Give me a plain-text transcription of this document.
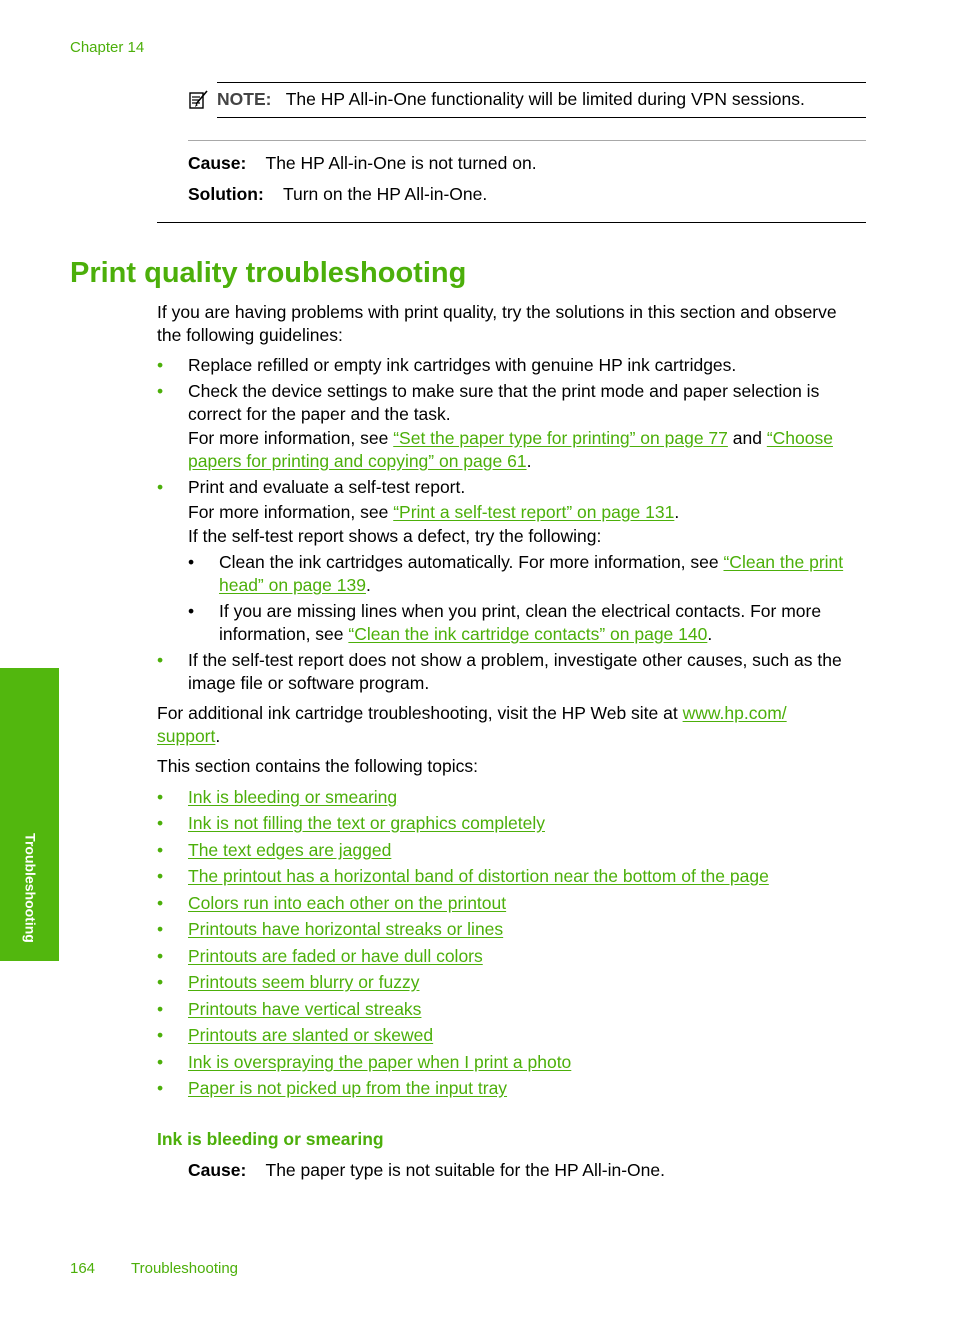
Chapter 14
NOTE: The HP All-in-One functionality will be limited during VPN sessions.
Cause: The HP All-in-One is not turned on.
Solution: Turn on the HP All-in-One.
Print quality troubleshooting
If you are having problems with print quality, try the solutions in this section and observe
the following guidelines:
• Replace refilled or empty ink cartridges with genuine HP ink cartridges.
• Check the device settings to make sure that the print mode and paper selection is
correct for the paper and the task.
For more information, see “Set the paper type for printing” on page 77 and “Choose
papers for printing and copying” on page 61.
• Print and evaluate a self-test report.
For more information, see “Print a self-test report” on page 131.
If the self-test report shows a defect, try the following:
• Clean the ink cartridges automatically. For more information, see “Clean the print
head” on page 139.
• If you are missing lines when you print, clean the electrical contacts. For more
information, see “Clean the ink cartridge contacts” on page 140.
• If the self-test report does not show a problem, investigate other causes, such as the
image file or software program.
For additional ink cartridge troubleshooting, visit the HP Web site at www.hp.com/
support.
This section contains the following topics:
• Ink is bleeding or smearing
• Ink is not filling the text or graphics completely
• The text edges are jagged
• The printout has a horizontal band of distortion near the bottom of the page
• Colors run into each other on the printout
• Printouts have horizontal streaks or lines
• Printouts are faded or have dull colors
• Printouts seem blurry or fuzzy
• Printouts have vertical streaks
• Printouts are slanted or skewed
• Ink is overspraying the paper when I print a photo
• Paper is not picked up from the input tray
Ink is bleeding or smearing
Cause: The paper type is not suitable for the HP All-in-One.
Troubleshooting
164 Troubleshooting
